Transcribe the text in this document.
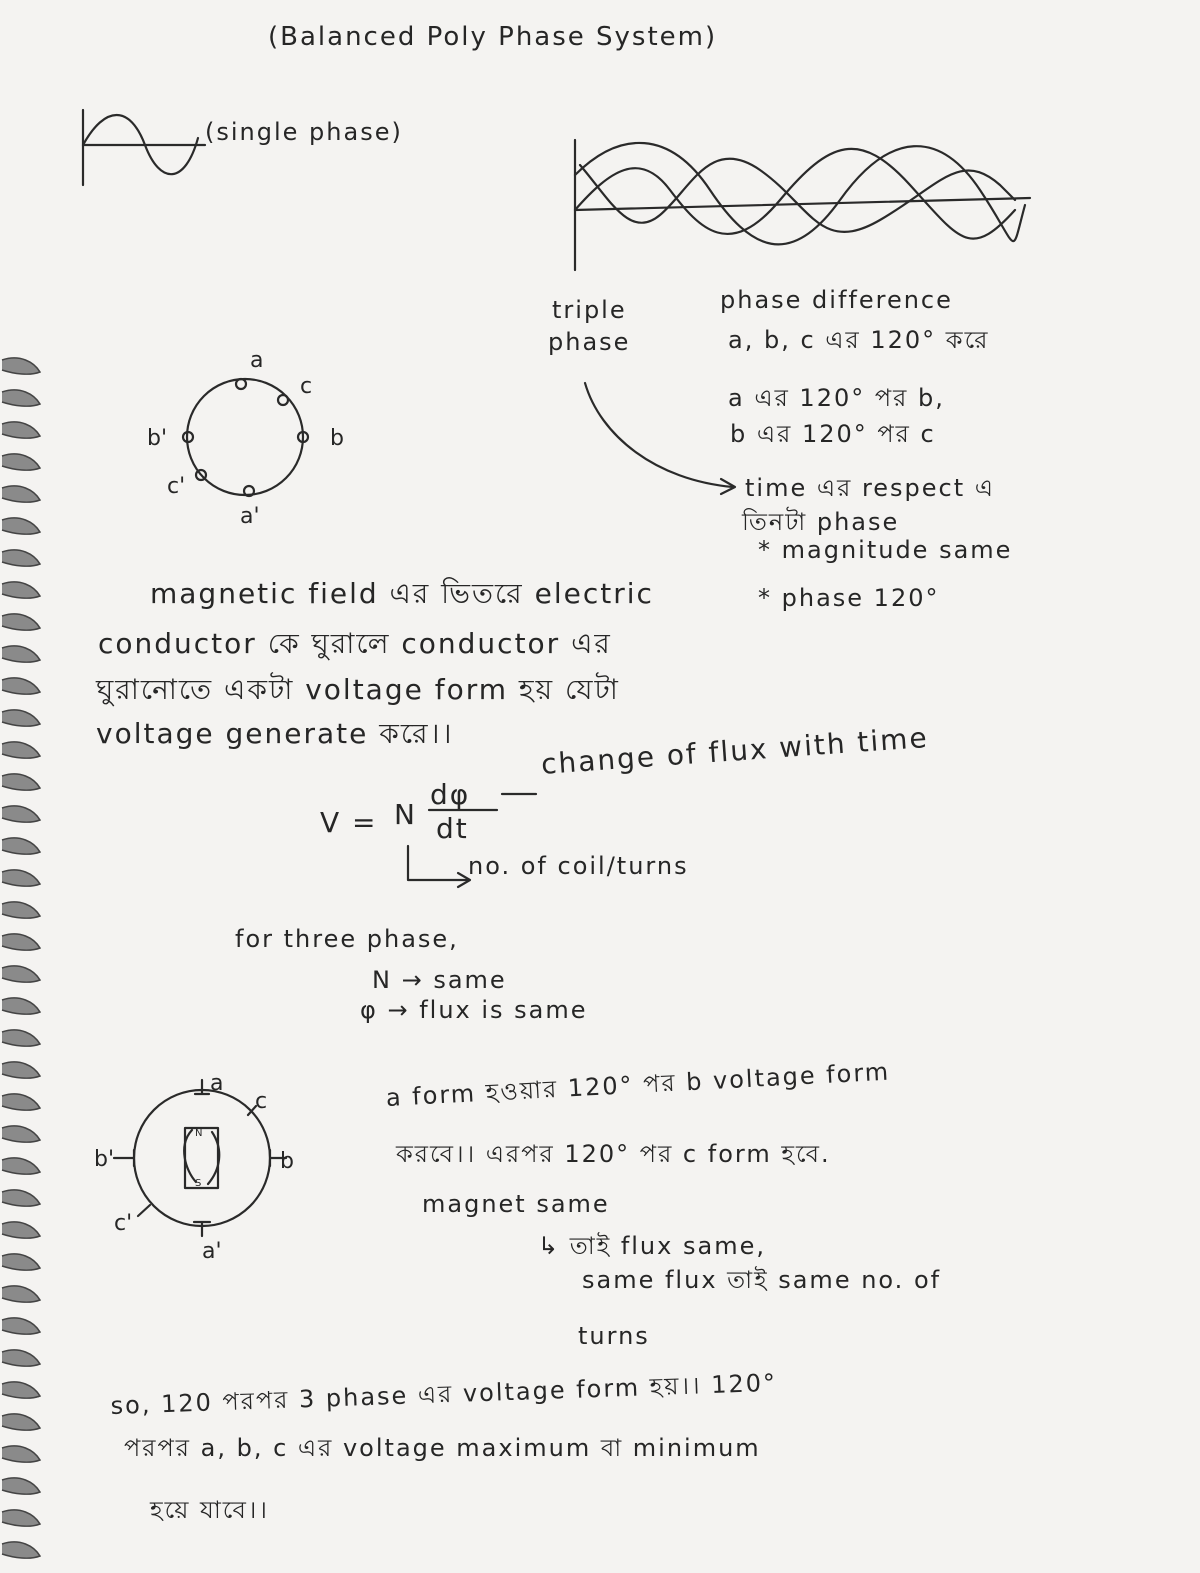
(Balanced Poly Phase System)
(single phase)
triple
phase
phase difference
a, b, c এর 120° করে
a এর 120° পর b,
b এর 120° পর c
time এর respect এ
তিনটা phase
* magnitude same
* phase 120°
a
c
b
b'
c'
a'
magnetic field এর ভিতরে electric
conductor কে ঘুরালে conductor এর
ঘুরানোতে একটা voltage form হয় যেটা
voltage generate করে।।
V = N
dφ
dt
change of flux with time
no. of coil/turns
for three phase,
N → same
φ → flux is same
N
S
a
c
b
b'
c'
a'
a form হওয়ার 120° পর b voltage form
করবে।। এরপর 120° পর c form হবে.
magnet same
↳ তাই flux same,
same flux তাই same no. of
turns
so, 120 পরপর 3 phase এর voltage form হয়।। 120°
পরপর a, b, c এর voltage maximum বা minimum
হয়ে যাবে।।
